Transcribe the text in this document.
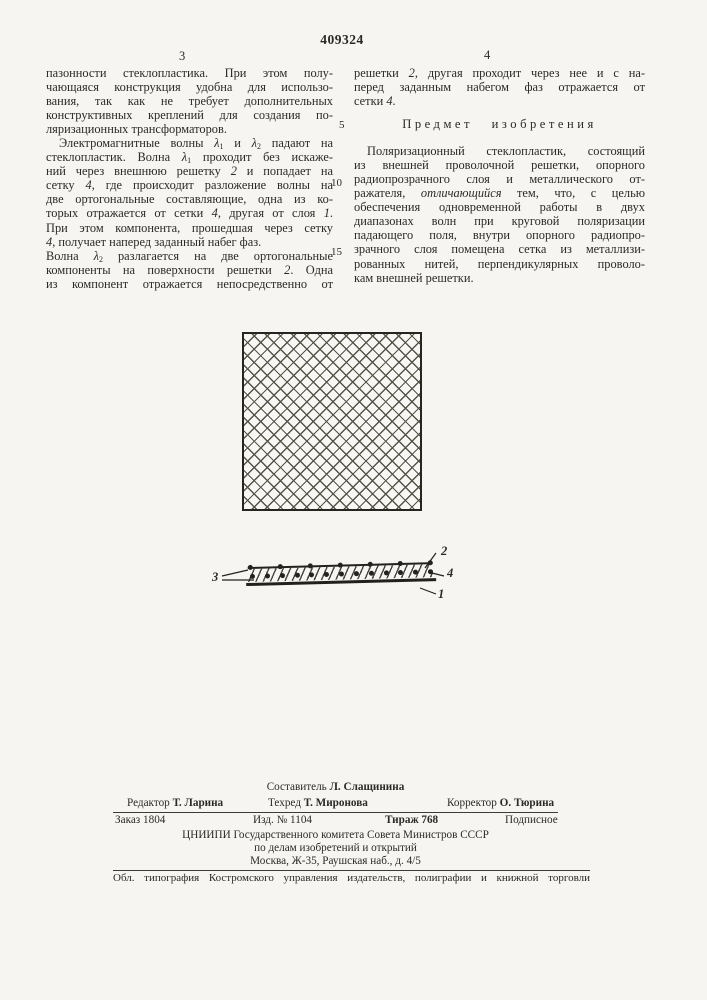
409324
3	4
пазонности стеклопластика. При этом полу-
чающаяся конструкция удобна для использо-
вания, так как не требует дополнительных
конструктивных креплений для создания по-
ляризационных трансформаторов.
Электромагнитные волны $\lambda_1$ и $\lambda_2$ падают на
стеклопластик. Волна $\lambda_1$ проходит без искаже-
ний через внешнюю решетку 2 и попадает на
сетку 4, где происходит разложение волны на
две ортогональные составляющие, одна из ко-
торых отражается от сетки 4, другая от слоя 1.
При этом компонента, прошедшая через сетку
4, получает наперед заданный набег фаз.
Волна $\lambda_2$ разлагается на две ортогональные
компоненты на поверхности решетки 2. Одна
из компонент отражается непосредственно от
решетки 2, другая проходит через нее и с на-
перед заданным набегом фаз отражается от
сетки 4.
Предмет изобретения
Поляризационный стеклопластик, состоящий
из внешней проволочной решетки, опорного
радиопрозрачного слоя и металлического от-
ражателя, отличающийся тем, что, с целью
обеспечения одновременной работы в двух
диапазонах волн при круговой поляризации
падающего поля, внутри опорного радиопро-
зрачного слоя помещена сетка из металлизи-
рованных нитей, перпендикулярных проволо-
кам внешней решетки.
5
10
15
2
4
1
3
Составитель Л. Слащинина
Редактор Т. Ларина	Техред Т. Миронова	Корректор О. Тюрина
Заказ 1804	Изд. № 1104	Тираж 768	Подписное
ЦНИИПИ Государственного комитета Совета Министров СССР
по делам изобретений и открытий
Москва, Ж-35, Раушская наб., д. 4/5
Обл. типография Костромского управления издательств, полиграфии и книжной торговли
